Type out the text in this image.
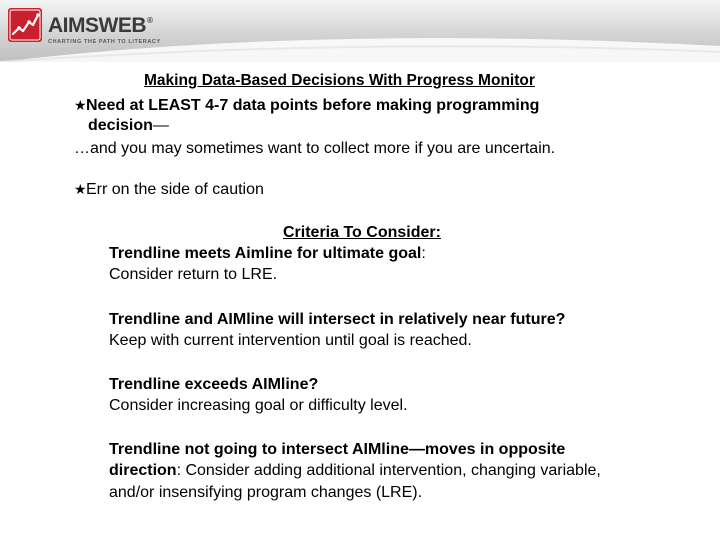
AIMSWEB®
CHARTING THE PATH TO LITERACY
Making Data-Based Decisions With Progress Monitor
★Need at LEAST 4-7 data points before making programming
decision—
…and you may sometimes want to collect more if you are uncertain.
★Err on the side of caution
Criteria To Consider:
Trendline meets Aimline for ultimate goal:
Consider return to LRE.
Trendline and AIMline will intersect in relatively near future?
Keep with current intervention until goal is reached.
Trendline exceeds AIMline?
Consider increasing goal or difficulty level.
Trendline not going to intersect AIMline—moves in opposite
direction: Consider adding additional intervention, changing variable,
and/or insensifying program changes (LRE).
